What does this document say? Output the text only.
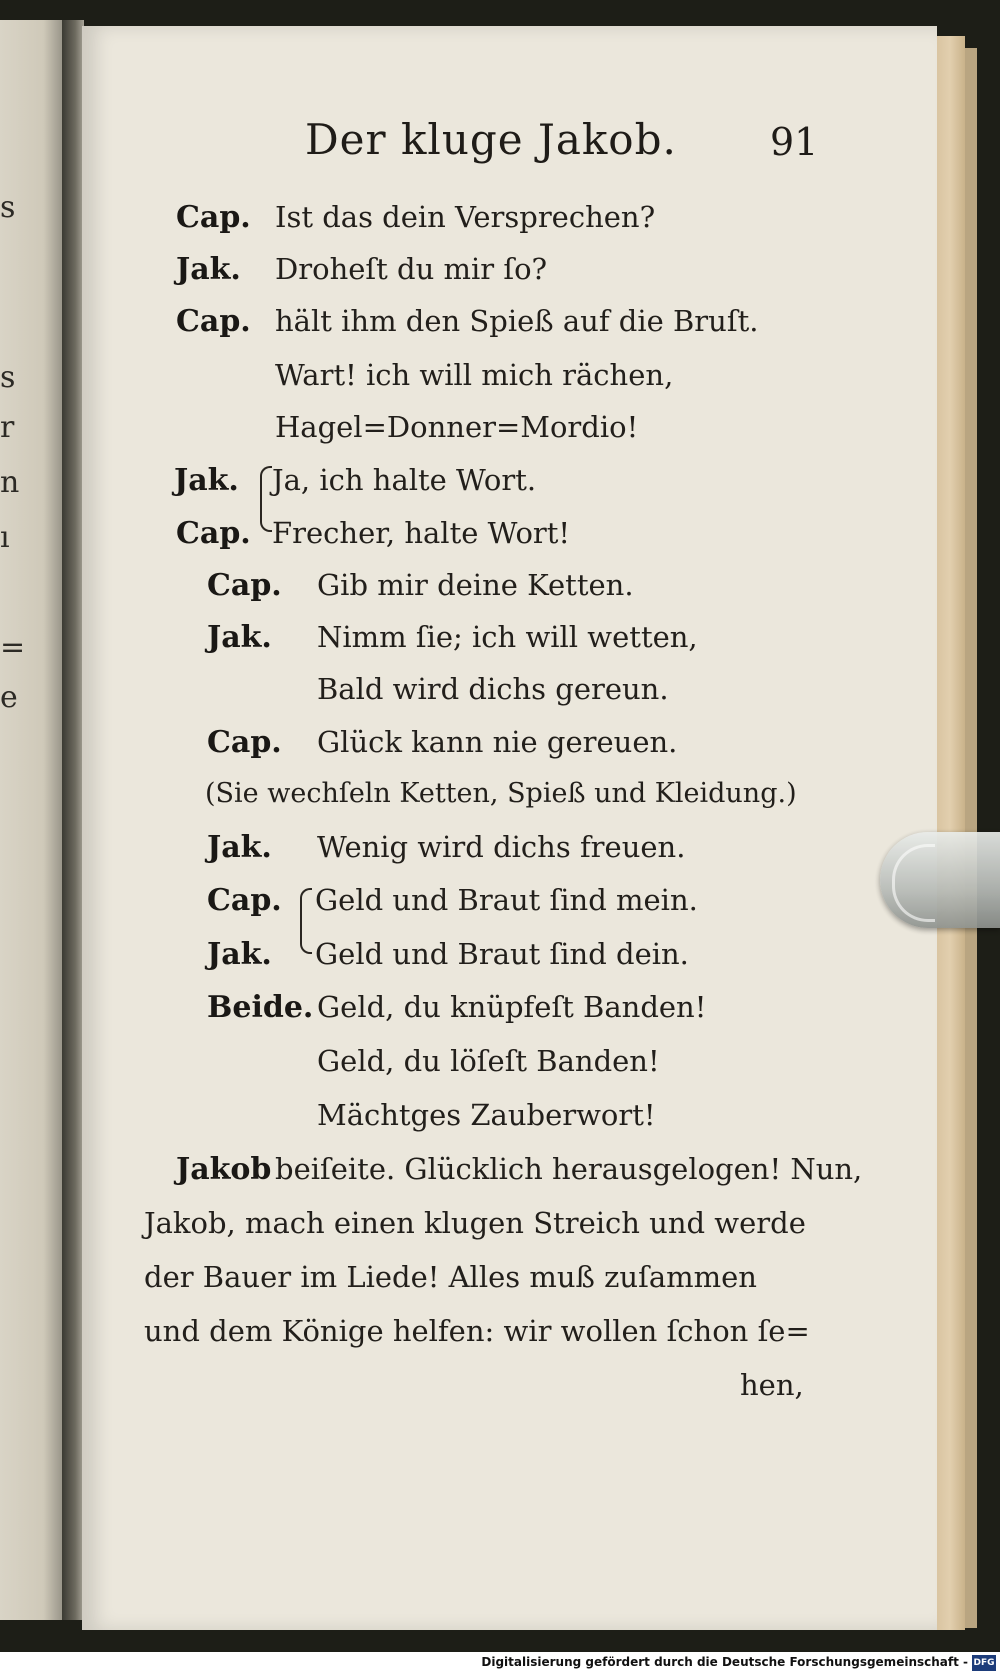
s
s
r
n
ı
=
e
Der kluge Jakob. 91
Cap. Ist das dein Versprechen?
Jak. Droheſt du mir ſo?
Cap. hält ihm den Spieß auf die Bruſt.
Wart! ich will mich rächen,
Hagel=Donner=Mordio!
Jak. Ja, ich halte Wort.
Cap. Frecher, halte Wort!
Cap. Gib mir deine Ketten.
Jak. Nimm ſie; ich will wetten,
Bald wird dichs gereun.
Cap. Glück kann nie gereuen.
(Sie wechſeln Ketten, Spieß und Kleidung.)
Jak. Wenig wird dichs freuen.
Cap. Geld und Braut ſind mein.
Jak. Geld und Braut ſind dein.
Beide. Geld, du knüpfeſt Banden!
Geld, du löſeſt Banden!
Mächtges Zauberwort!
Jakob beiſeite. Glücklich herausgelogen! Nun,
Jakob, mach einen klugen Streich und werde
der Bauer im Liede! Alles muß zuſammen
und dem Könige helfen: wir wollen ſchon ſe=
hen,
Digitalisierung gefördert durch die Deutsche Forschungsgemeinschaft - DFG
